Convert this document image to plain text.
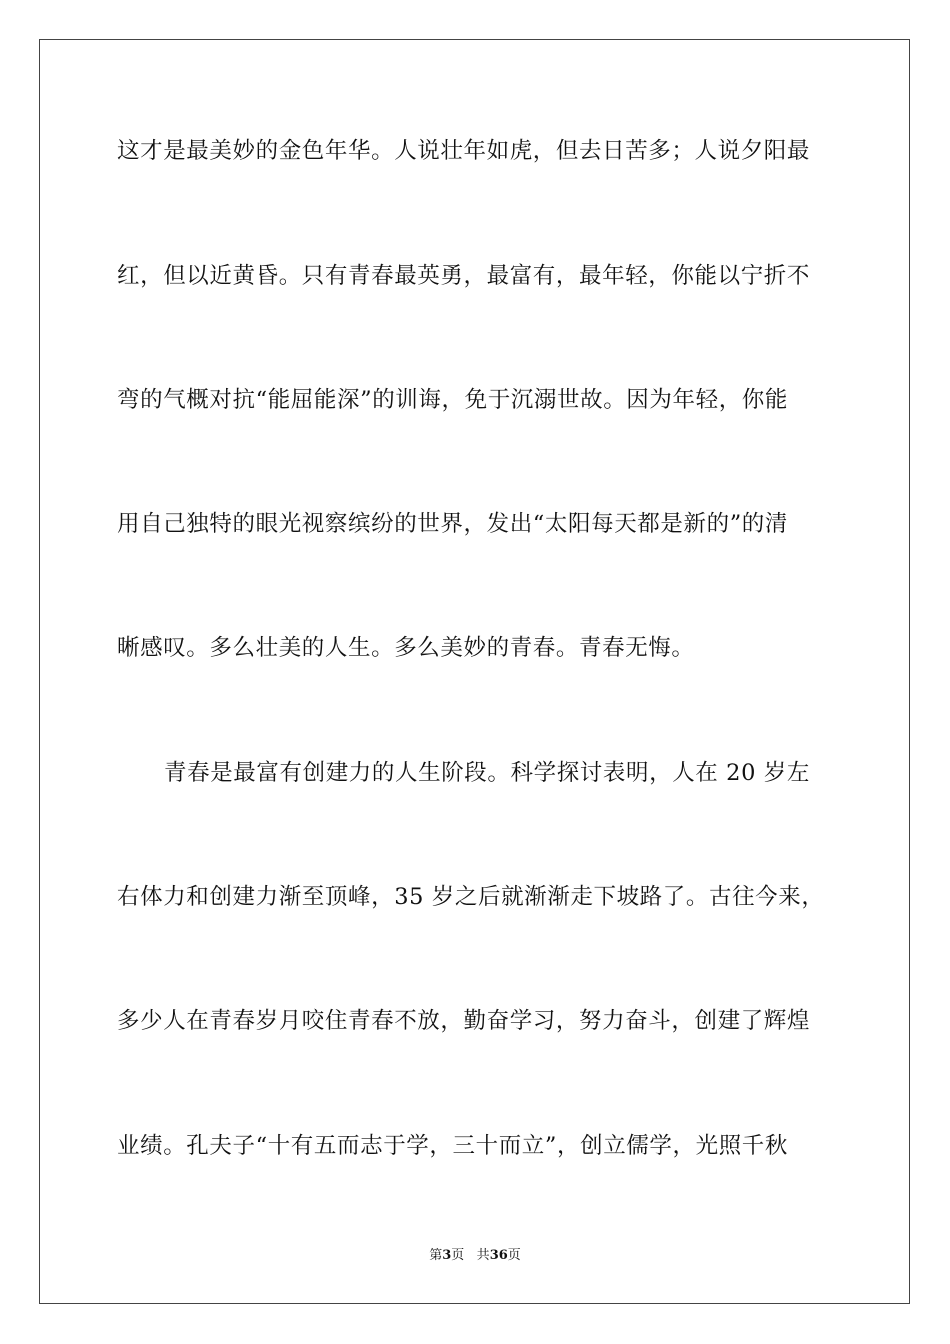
这才是最美妙的金色年华。人说壮年如虎，但去日苦多；人说夕阳最
红，但以近黄昏。只有青春最英勇，最富有，最年轻，你能以宁折不
弯的气概对抗“能屈能深”的训诲，免于沉溺世故。因为年轻，你能
用自己独特的眼光视察缤纷的世界，发出“太阳每天都是新的”的清
晰感叹。多么壮美的人生。多么美妙的青春。青春无悔。
青春是最富有创建力的人生阶段。科学探讨表明，人在 20 岁左
右体力和创建力渐至顶峰，35 岁之后就渐渐走下坡路了。古往今来，
多少人在青春岁月咬住青春不放，勤奋学习，努力奋斗，创建了辉煌
业绩。孔夫子“十有五而志于学，三十而立”，创立儒学，光照千秋
第3页 共36页
